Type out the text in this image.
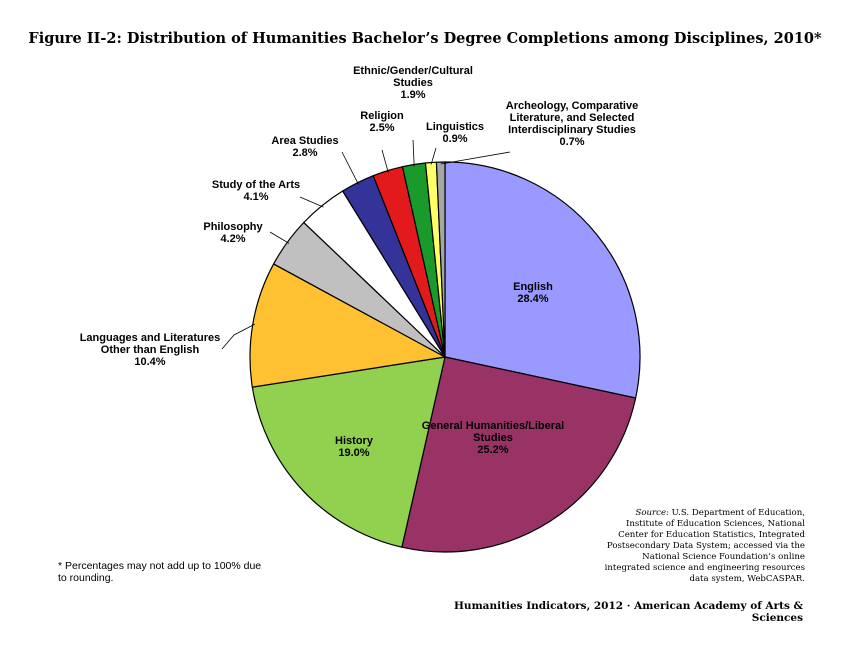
Figure II-2: Distribution of Humanities Bachelor’s Degree Completions among Disciplines, 2010*
English 28.4%
General Humanities/Liberal Studies 25.2%
History 19.0%
Languages and Literatures Other than English 10.4%
Philosophy 4.2%
Study of the Arts 4.1%
Area Studies 2.8%
Religion 2.5%
Ethnic/Gender/Cultural Studies 1.9%
Linguistics 0.9%
Archeology, Comparative Literature, and Selected Interdisciplinary Studies 0.7%
* Percentages may not add up to 100% due to rounding.
Source: U.S. Department of Education, Institute of Education Sciences, National Center for Education Statistics, Integrated Postsecondary Data System; accessed via the National Science Foundation’s online integrated science and engineering resources data system, WebCASPAR.
Humanities Indicators, 2012 · American Academy of Arts & Sciences
